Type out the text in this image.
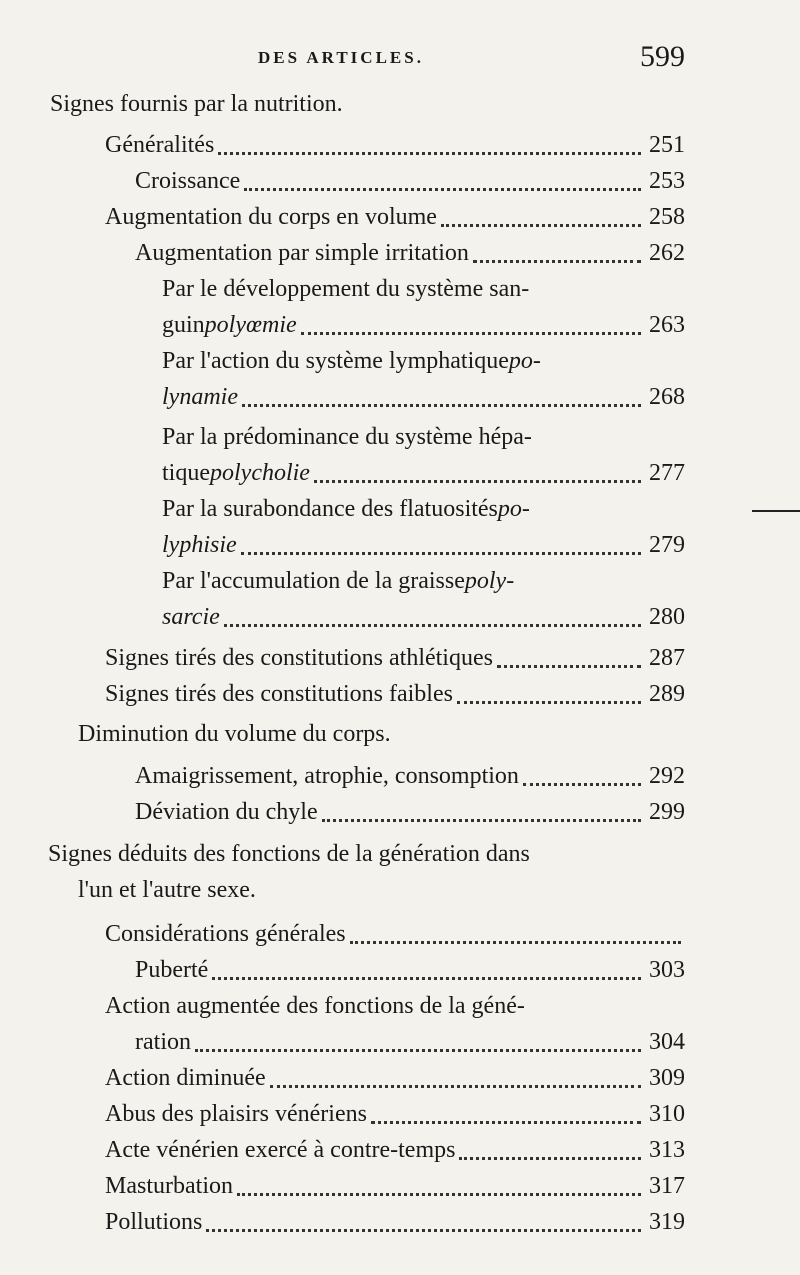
DES ARTICLES.	599
Signes fournis par la nutrition.
Généralités	251
Croissance	253
Augmentation du corps en volume	258
Augmentation par simple irritation	262
Par le développement du système san-
guin polyœmie	263
Par l'action du système lymphatique po-
lynamie	268
Par la prédominance du système hépa-
tique polycholie	277
Par la surabondance des flatuosités po-
lyphisie	279
Par l'accumulation de la graisse poly-
sarcie	280
Signes tirés des constitutions athlétiques	287
Signes tirés des constitutions faibles	289
Diminution du volume du corps.
Amaigrissement, atrophie, consomption	292
Déviation du chyle	299
Signes déduits des fonctions de la génération dans
l'un et l'autre sexe.
Considérations générales
Puberté	303
Action augmentée des fonctions de la géné-
ration	304
Action diminuée	309
Abus des plaisirs vénériens	310
Acte vénérien exercé à contre-temps	313
Masturbation	317
Pollutions	319
